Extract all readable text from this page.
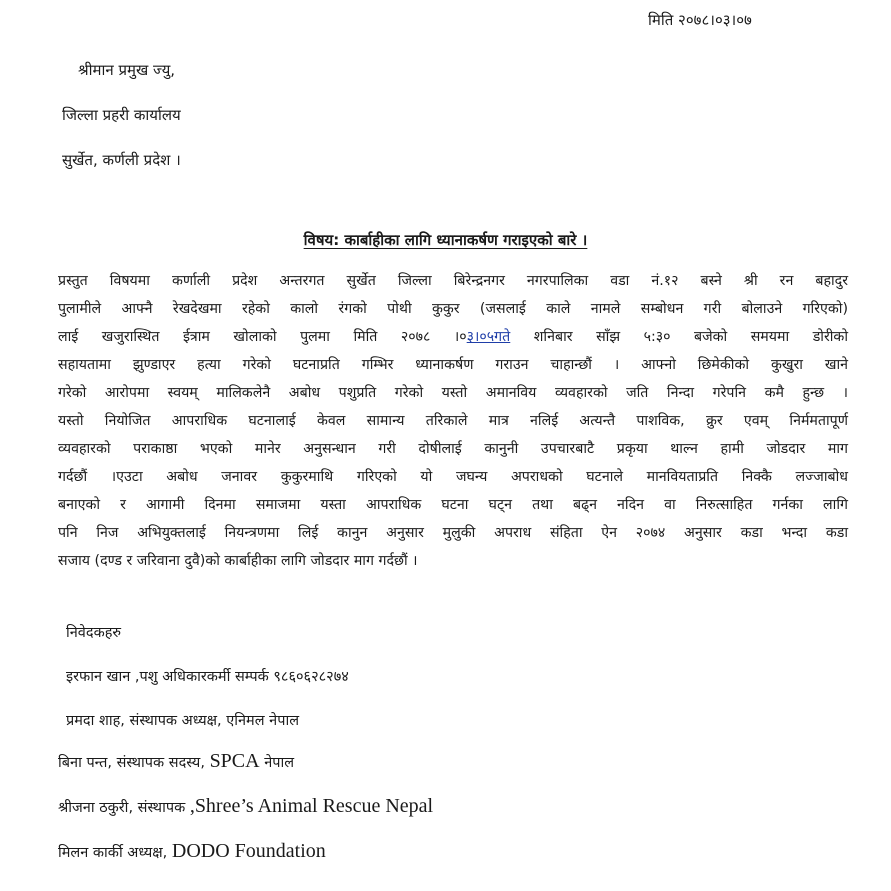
मिति २०७८।०३।०७
श्रीमान प्रमुख ज्यु,
जिल्ला प्रहरी कार्यालय
सुर्खेत, कर्णली प्रदेश ।
विषय: कार्बाहीका लागि ध्यानाकर्षण गराइएको बारे ।
प्रस्तुत विषयमा कर्णाली प्रदेश अन्तरगत सुर्खेत जिल्ला बिरेन्द्रनगर नगरपालिका वडा नं.१२ बस्ने श्री रन बहादुर
पुलामीले आफ्नै रेखदेखमा रहेको कालो रंगको पोथी कुकुर (जसलाई काले नामले सम्बोधन गरी बोलाउने गरिएको)
लाई खजुरास्थित ईत्राम खोलाको पुलमा मिति २०७८ ।०३।०५गते शनिबार साँझ ५:३० बजेको समयमा डोरीको
सहायतामा झुण्डाएर हत्या गरेको घटनाप्रति गम्भिर ध्यानाकर्षण गराउन चाहान्छौं । आफ्नो छिमेकीको कुखुरा खाने
गरेको आरोपमा स्वयम् मालिकलेनै अबोध पशुप्रति गरेको यस्तो अमानविय व्यवहारको जति निन्दा गरेपनि कमै हुन्छ ।
यस्तो नियोजित आपराधिक घटनालाई केवल सामान्य तरिकाले मात्र नलिई अत्यन्तै पाशविक, क्रुर एवम् निर्ममतापूर्ण
व्यवहारको पराकाष्ठा भएको मानेर अनुसन्धान गरी दोषीलाई कानुनी उपचारबाटै प्रकृया थाल्न हामी जोडदार माग
गर्दछौं ।एउटा अबोध जनावर कुकुरमाथि गरिएको यो जघन्य अपराधको घटनाले मानवियताप्रति निक्कै लज्जाबोध
बनाएको र आगामी दिनमा समाजमा यस्ता आपराधिक घटना घट्न तथा बढ्न नदिन वा निरुत्साहित गर्नका लागि
पनि निज अभियुक्तलाई नियन्त्रणमा लिई कानुन अनुसार मुलुकी अपराध संहिता ऐन २०७४ अनुसार कडा भन्दा कडा
सजाय (दण्ड र जरिवाना दुवै)को कार्बाहीका लागि जोडदार माग गर्दछौं ।
निवेदकहरु
इरफान खान ,पशु अधिकारकर्मी सम्पर्क ९८६०६२८२७४
प्रमदा शाह, संस्थापक अध्यक्ष, एनिमल नेपाल
बिना पन्त, संस्थापक सदस्य, SPCA नेपाल
श्रीजना ठकुरी, संस्थापक ,Shree’s Animal Rescue Nepal
मिलन कार्की अध्यक्ष, DODO Foundation
